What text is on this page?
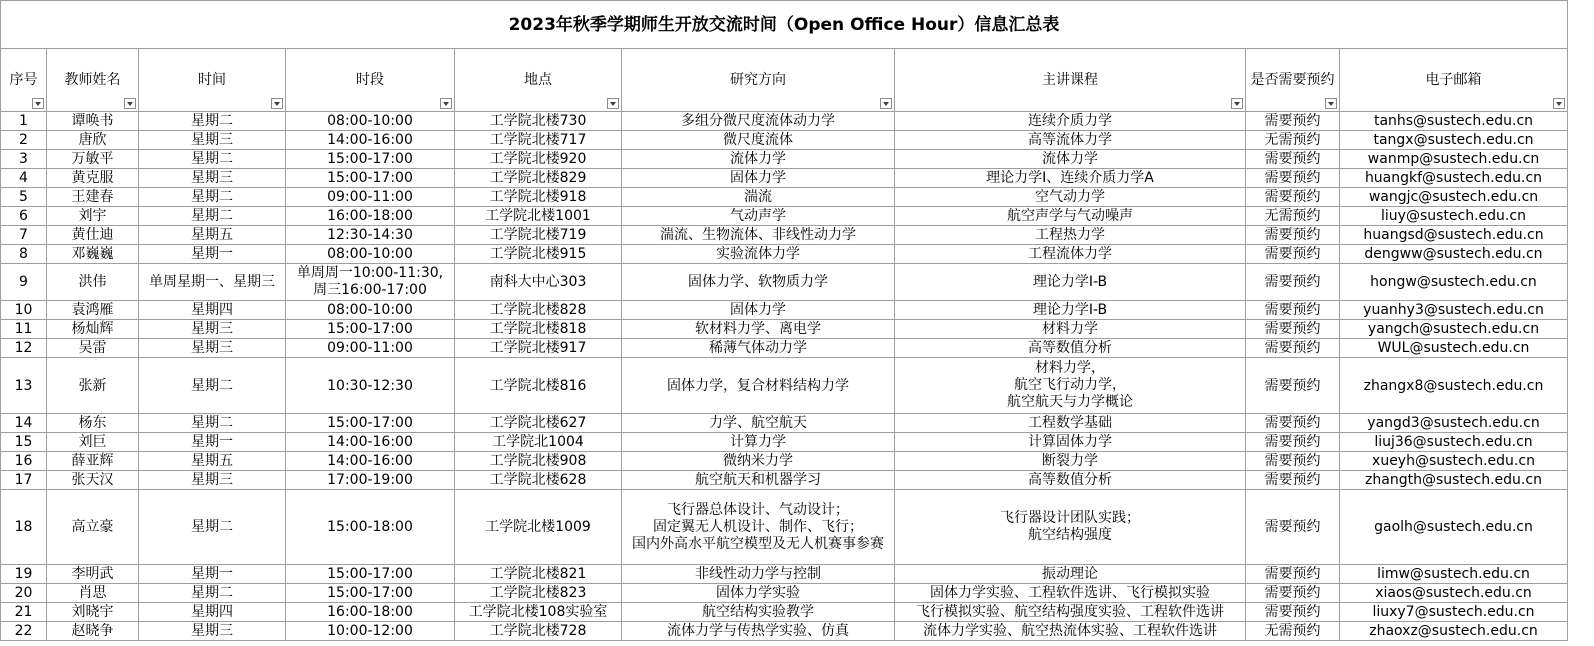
2023年秋季学期师生开放交流时间（Open Office Hour）信息汇总表								

序号	教师姓名	时间	时段	地点	研究方向	主讲课程	是否需要预约	电子邮箱

1	谭唤书	星期二	08:00-10:00	工学院北楼730	多组分微尺度流体动力学	连续介质力学	需要预约	tanhs@sustech.edu.cn
2	唐欣	星期三	14:00-16:00	工学院北楼717	微尺度流体	高等流体力学	无需预约	tangx@sustech.edu.cn
3	万敏平	星期二	15:00-17:00	工学院北楼920	流体力学	流体力学	需要预约	wanmp@sustech.edu.cn
4	黄克服	星期三	15:00-17:00	工学院北楼829	固体力学	理论力学I、连续介质力学A	需要预约	huangkf@sustech.edu.cn
5	王建春	星期二	09:00-11:00	工学院北楼918	湍流	空气动力学	需要预约	wangjc@sustech.edu.cn
6	刘宇	星期二	16:00-18:00	工学院北楼1001	气动声学	航空声学与气动噪声	无需预约	liuy@sustech.edu.cn
7	黄仕迪	星期五	12:30-14:30	工学院北楼719	湍流、生物流体、非线性动力学	工程热力学	需要预约	huangsd@sustech.edu.cn
8	邓巍巍	星期一	08:00-10:00	工学院北楼915	实验流体力学	工程流体力学	需要预约	dengww@sustech.edu.cn
9	洪伟	单周星期一、星期三	单周周一10:00-11:30,
周三16:00-17:00	南科大中心303	固体力学、软物质力学	理论力学I-B	需要预约	hongw@sustech.edu.cn
10	袁鸿雁	星期四	08:00-10:00	工学院北楼828	固体力学	理论力学I-B	需要预约	yuanhy3@sustech.edu.cn
11	杨灿辉	星期三	15:00-17:00	工学院北楼818	软材料力学、离电学	材料力学	需要预约	yangch@sustech.edu.cn
12	吴雷	星期三	09:00-11:00	工学院北楼917	稀薄气体动力学	高等数值分析	需要预约	WUL@sustech.edu.cn
13	张新	星期二	10:30-12:30	工学院北楼816	固体力学，复合材料结构力学	材料力学，
航空飞行动力学，
航空航天与力学概论	需要预约	zhangx8@sustech.edu.cn
14	杨东	星期二	15:00-17:00	工学院北楼627	力学、航空航天	工程数学基础	需要预约	yangd3@sustech.edu.cn
15	刘巨	星期一	14:00-16:00	工学院北1004	计算力学	计算固体力学	需要预约	liuj36@sustech.edu.cn
16	薛亚辉	星期五	14:00-16:00	工学院北楼908	微纳米力学	断裂力学	需要预约	xueyh@sustech.edu.cn
17	张天汉	星期三	17:00-19:00	工学院北楼628	航空航天和机器学习	高等数值分析	需要预约	zhangth@sustech.edu.cn
18	高立豪	星期二	15:00-18:00	工学院北楼1009	飞行器总体设计、气动设计；
固定翼无人机设计、制作、飞行；
国内外高水平航空模型及无人机赛事参赛	飞行器设计团队实践；
航空结构强度	需要预约	gaolh@sustech.edu.cn
19	李明武	星期一	15:00-17:00	工学院北楼821	非线性动力学与控制	振动理论	需要预约	limw@sustech.edu.cn
20	肖思	星期二	15:00-17:00	工学院北楼823	固体力学实验	固体力学实验、工程软件选讲、飞行模拟实验	需要预约	xiaos@sustech.edu.cn
21	刘晓宇	星期四	16:00-18:00	工学院北楼108实验室	航空结构实验教学	飞行模拟实验、航空结构强度实验、工程软件选讲	需要预约	liuxy7@sustech.edu.cn
22	赵晓争	星期三	10:00-12:00	工学院北楼728	流体力学与传热学实验、仿真	流体力学实验、航空热流体实验、工程软件选讲	无需预约	zhaoxz@sustech.edu.cn
